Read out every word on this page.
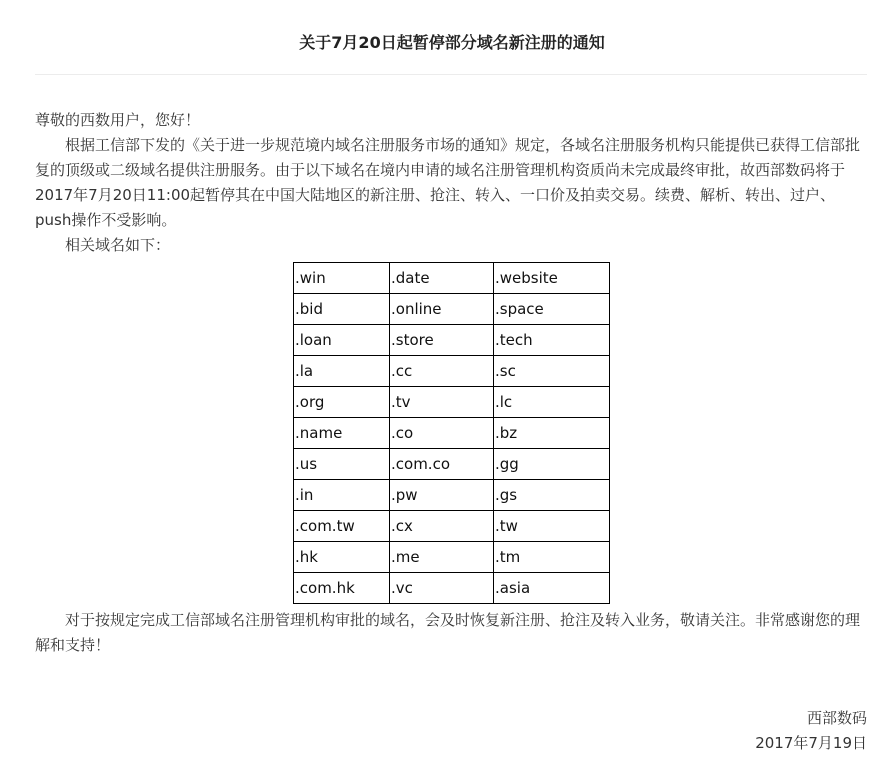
关于7月20日起暂停部分域名新注册的通知

尊敬的西数用户，您好！

根据工信部下发的《关于进一步规范境内域名注册服务市场的通知》规定，各域名注册服务机构只能提供已获得工信部批复的顶级或二级域名提供注册服务。由于以下域名在境内申请的域名注册管理机构资质尚未完成最终审批，故西部数码将于2017年7月20日11:00起暂停其在中国大陆地区的新注册、抢注、转入、一口价及拍卖交易。续费、解析、转出、过户、push操作不受影响。

相关域名如下：

.win	.date	.website
.bid	.online	.space
.loan	.store	.tech
.la	.cc	.sc
.org	.tv	.lc
.name	.co	.bz
.us	.com.co	.gg
.in	.pw	.gs
.com.tw	.cx	.tw
.hk	.me	.tm
.com.hk	.vc	.asia

对于按规定完成工信部域名注册管理机构审批的域名，会及时恢复新注册、抢注及转入业务，敬请关注。非常感谢您的理解和支持！

西部数码

2017年7月19日
